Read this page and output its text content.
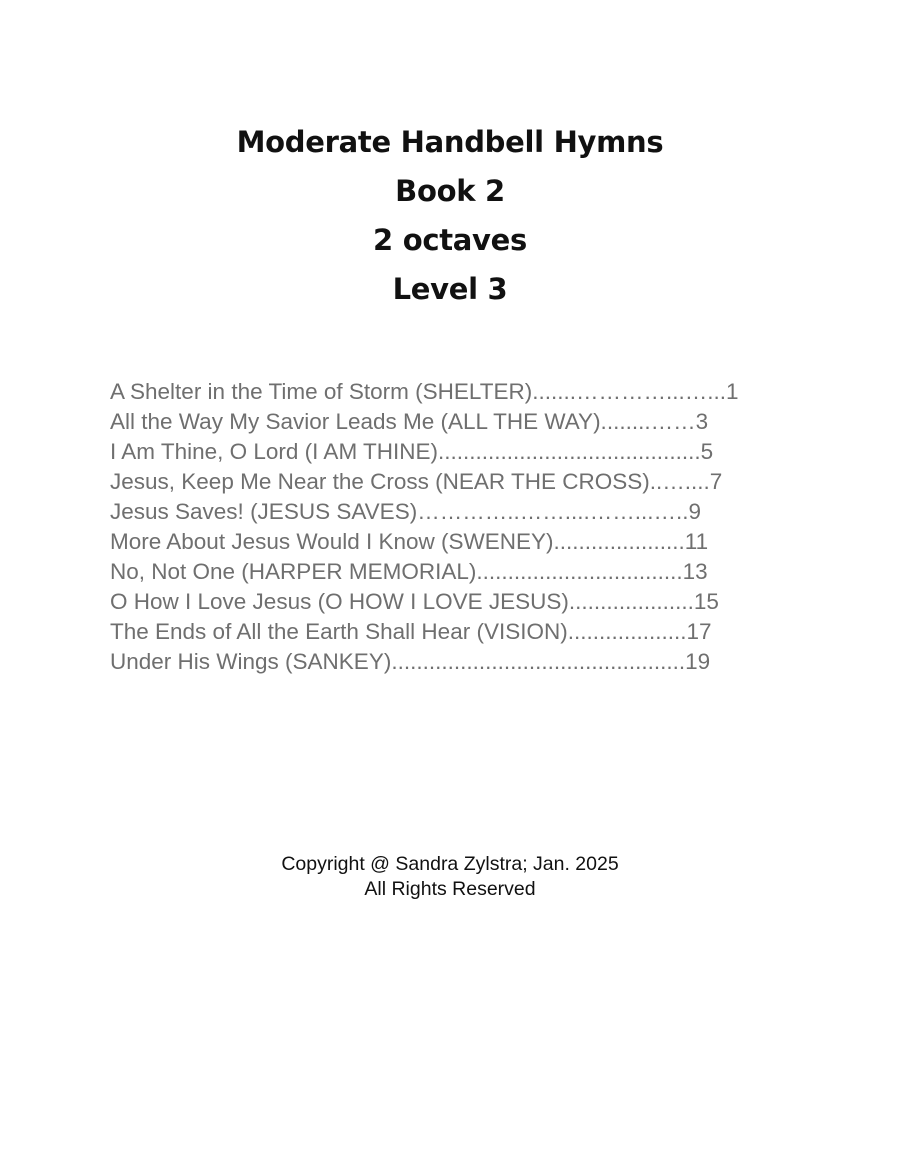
Moderate Handbell Hymns
Book 2
2 octaves
Level 3
A Shelter in the Time of Storm (SHELTER).......…………...…...1
All the Way My Savior Leads Me (ALL THE WAY)........……3
I Am Thine, O Lord (I AM THINE)..........................................5
Jesus, Keep Me Near the Cross (NEAR THE CROSS)..…....7
Jesus Saves! (JESUS SAVES)…………..……....……...…..9
More About Jesus Would I Know (SWENEY).....................11
No, Not One (HARPER MEMORIAL).................................13
O How I Love Jesus (O HOW I LOVE JESUS)....................15
The Ends of All the Earth Shall Hear (VISION)...................17
Under His Wings (SANKEY)...............................................19
Copyright @ Sandra Zylstra; Jan. 2025
All Rights Reserved
